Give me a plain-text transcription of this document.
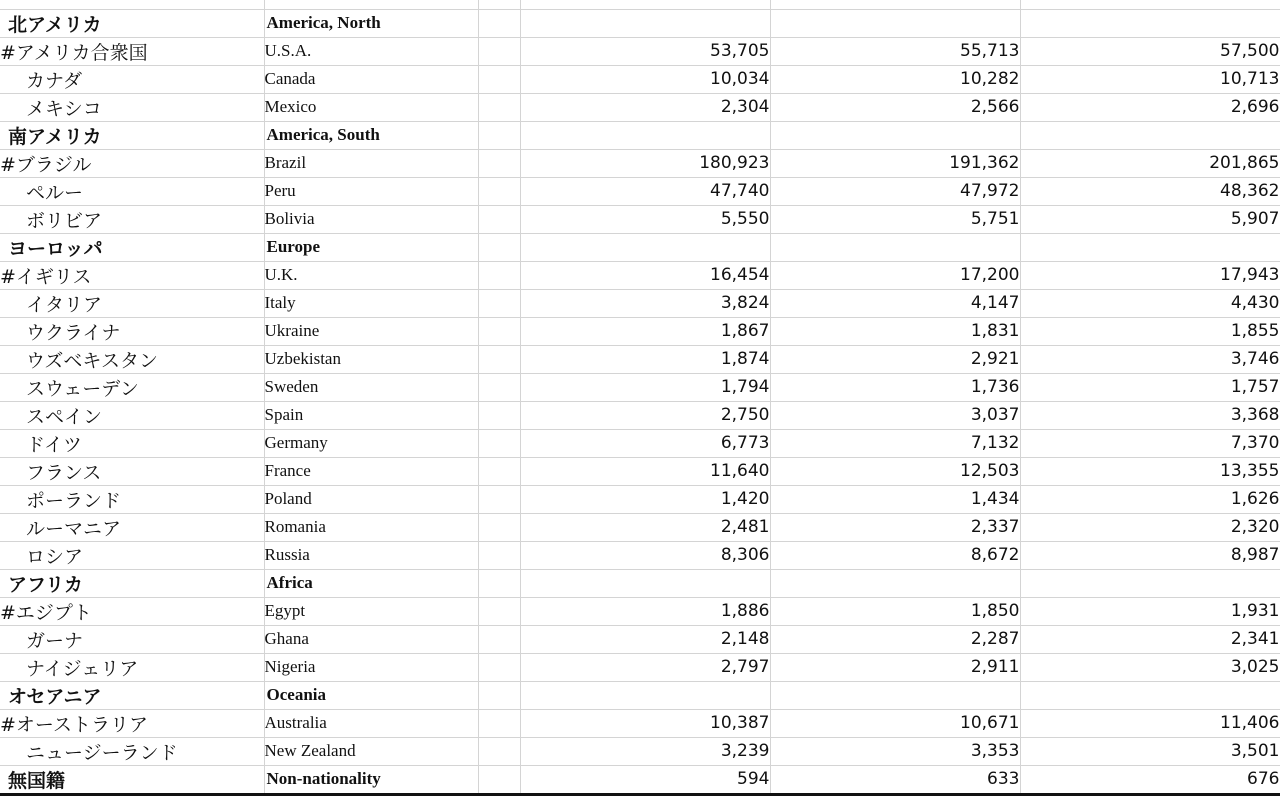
北アメリカ	America, North				
#アメリカ合衆国	U.S.A.		53,705	55,713	57,500
カナダ	Canada		10,034	10,282	10,713
メキシコ	Mexico		2,304	2,566	2,696
南アメリカ	America, South				
#ブラジル	Brazil		180,923	191,362	201,865
ペルー	Peru		47,740	47,972	48,362
ボリビア	Bolivia		5,550	5,751	5,907
ヨーロッパ	Europe				
#イギリス	U.K.		16,454	17,200	17,943
イタリア	Italy		3,824	4,147	4,430
ウクライナ	Ukraine		1,867	1,831	1,855
ウズベキスタン	Uzbekistan		1,874	2,921	3,746
スウェーデン	Sweden		1,794	1,736	1,757
スペイン	Spain		2,750	3,037	3,368
ドイツ	Germany		6,773	7,132	7,370
フランス	France		11,640	12,503	13,355
ポーランド	Poland		1,420	1,434	1,626
ルーマニア	Romania		2,481	2,337	2,320
ロシア	Russia		8,306	8,672	8,987
アフリカ	Africa				
#エジプト	Egypt		1,886	1,850	1,931
ガーナ	Ghana		2,148	2,287	2,341
ナイジェリア	Nigeria		2,797	2,911	3,025
オセアニア	Oceania				
#オーストラリア	Australia		10,387	10,671	11,406
ニュージーランド	New Zealand		3,239	3,353	3,501
無国籍	Non-nationality		594	633	676
